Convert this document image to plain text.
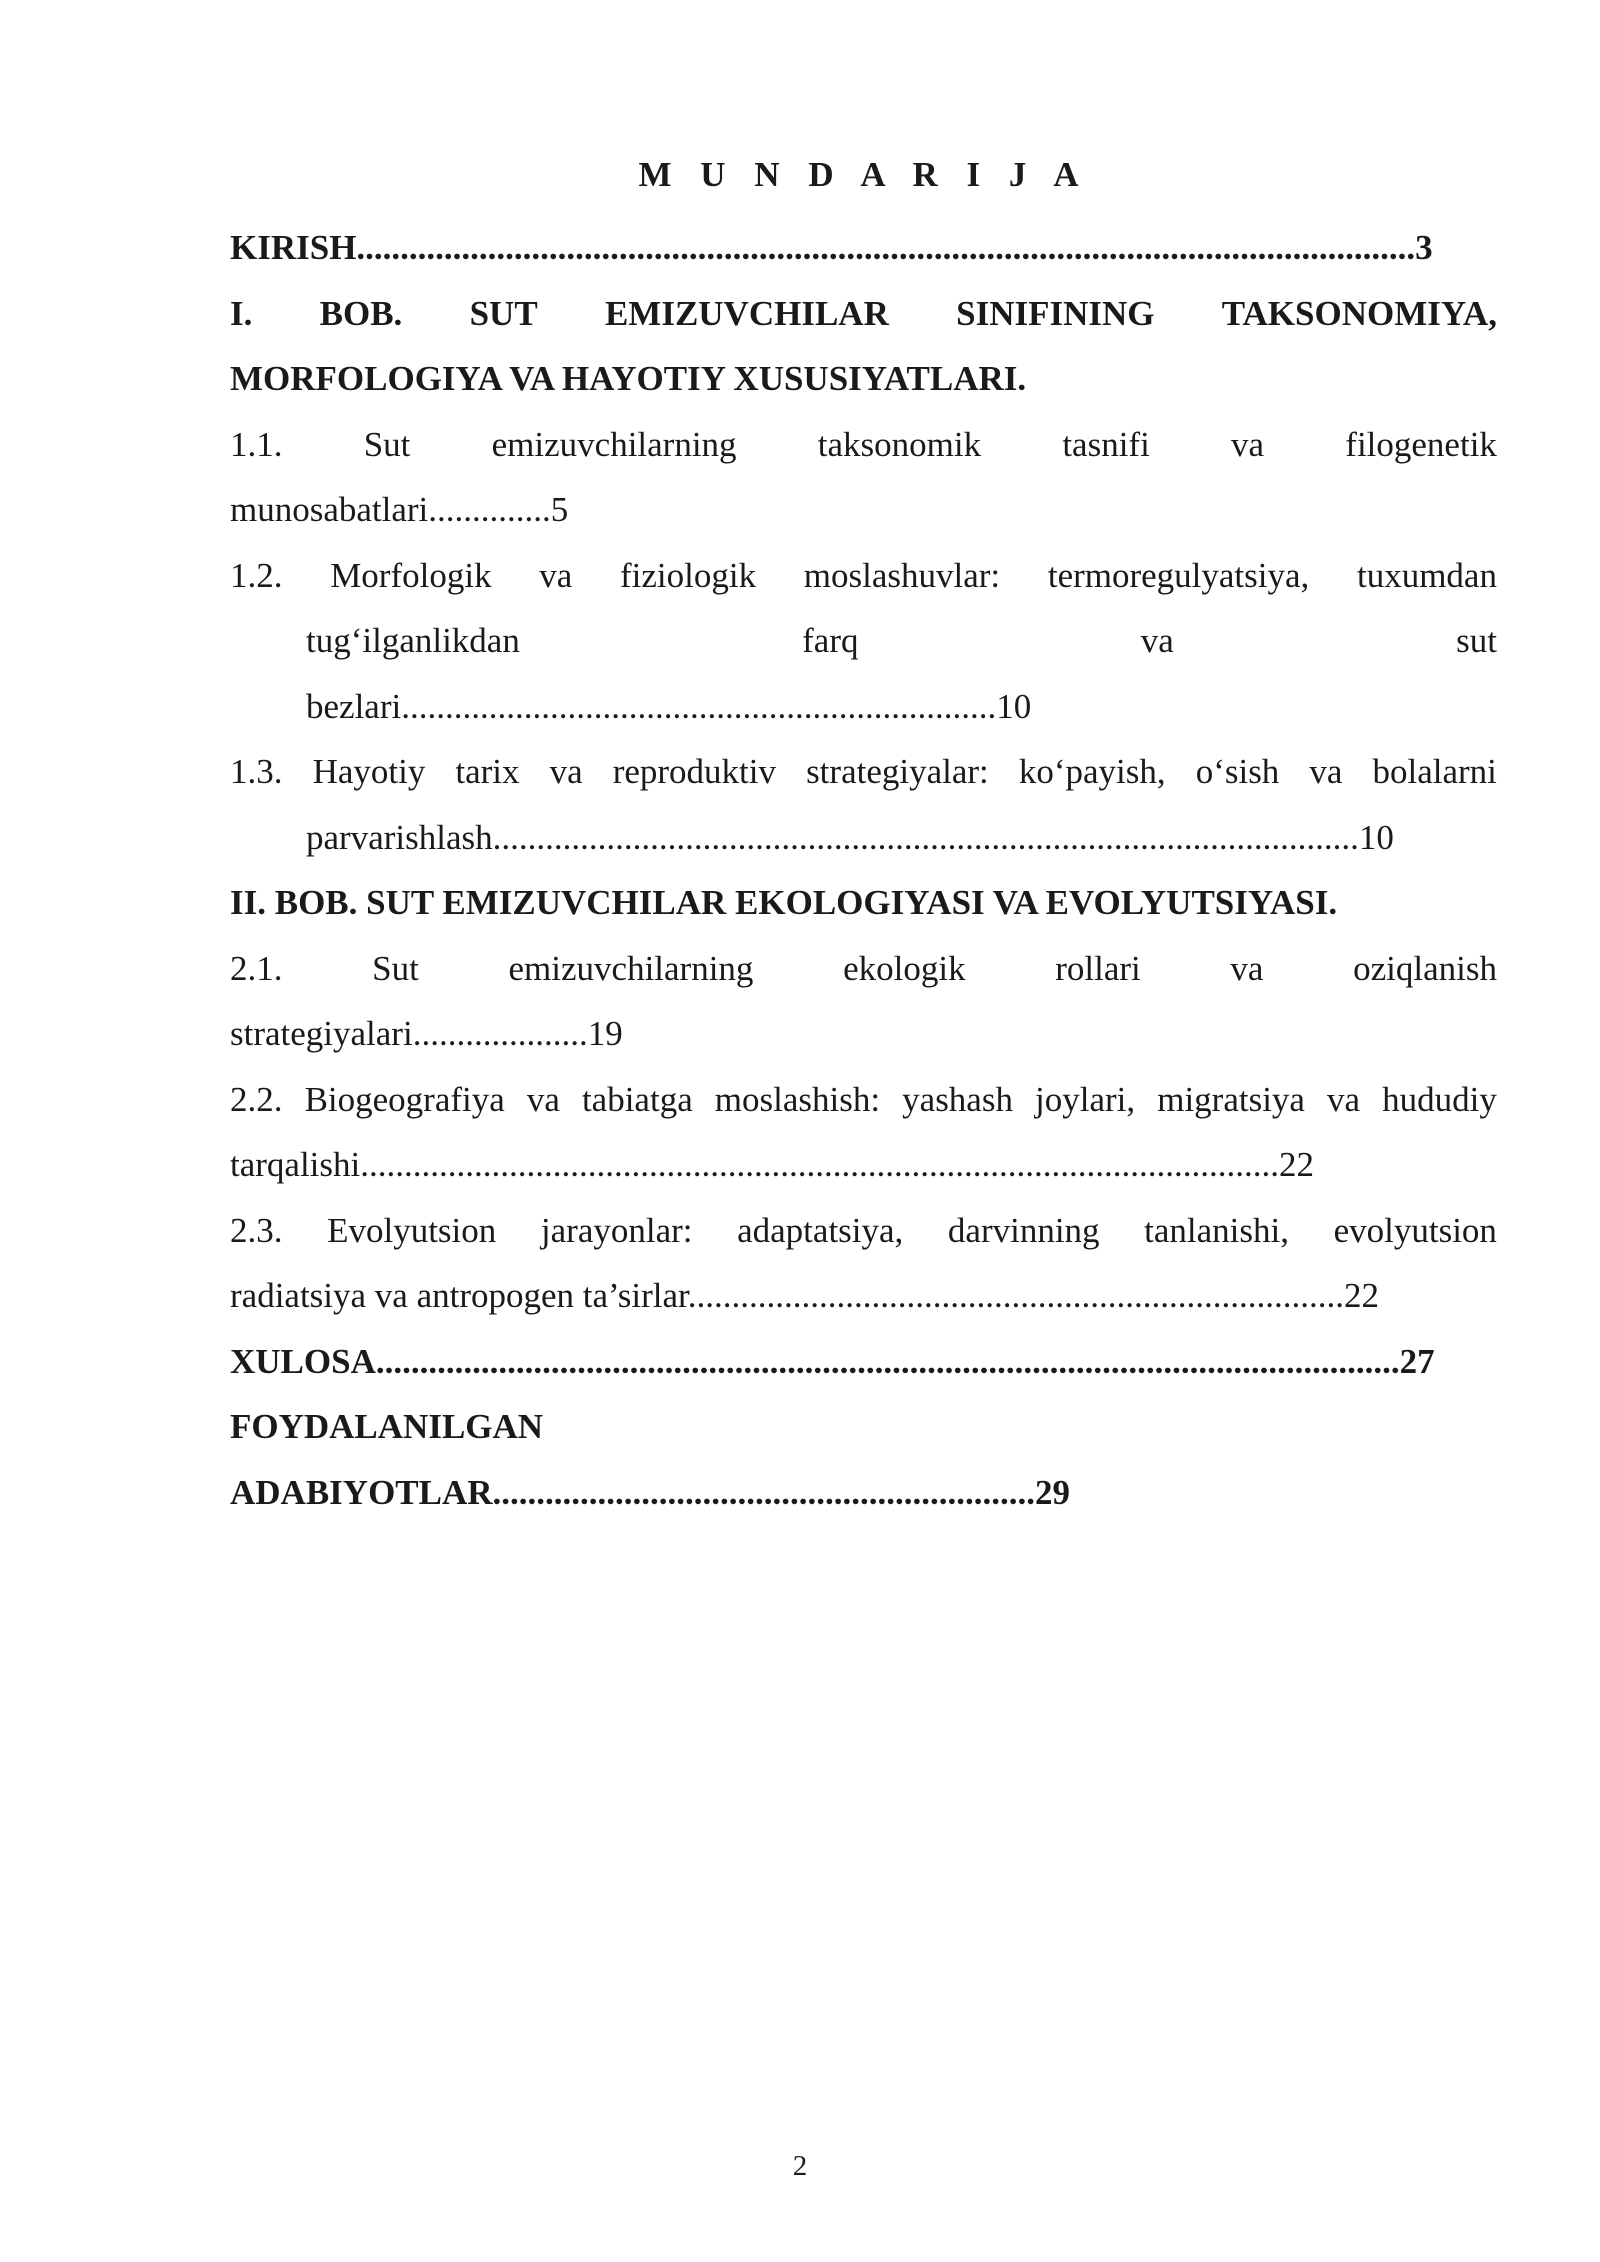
M U N D A R I J A
KIRISH.........................................................................................................................3
I. BOB. SUT EMIZUVCHILAR SINIFINING TAKSONOMIYA,
MORFOLOGIYA VA HAYOTIY XUSUSIYATLARI.
1.1. Sut emizuvchilarning taksonomik tasnifi va filogenetik
munosabatlari..............5
1.2. Morfologik va fiziologik moslashuvlar: termoregulyatsiya, tuxumdan
tug‘ilganlikdan	farq	va	sut
bezlari....................................................................10
1.3. Hayotiy tarix va reproduktiv strategiyalar: ko‘payish, o‘sish va bolalarni
parvarishlash...................................................................................................10
II. BOB. SUT EMIZUVCHILAR EKOLOGIYASI VA EVOLYUTSIYASI.
2.1.	Sut	emizuvchilarning	ekologik	rollari	va	oziqlanish
strategiyalari....................19
2.2. Biogeografiya va tabiatga moslashish: yashash joylari, migratsiya va hududiy
tarqalishi.........................................................................................................22
2.3. Evolyutsion jarayonlar: adaptatsiya, darvinning tanlanishi, evolyutsion
radiatsiya va antropogen ta’sirlar...........................................................................22
XULOSA.....................................................................................................................27
FOYDALANILGAN
ADABIYOTLAR..............................................................29
2
